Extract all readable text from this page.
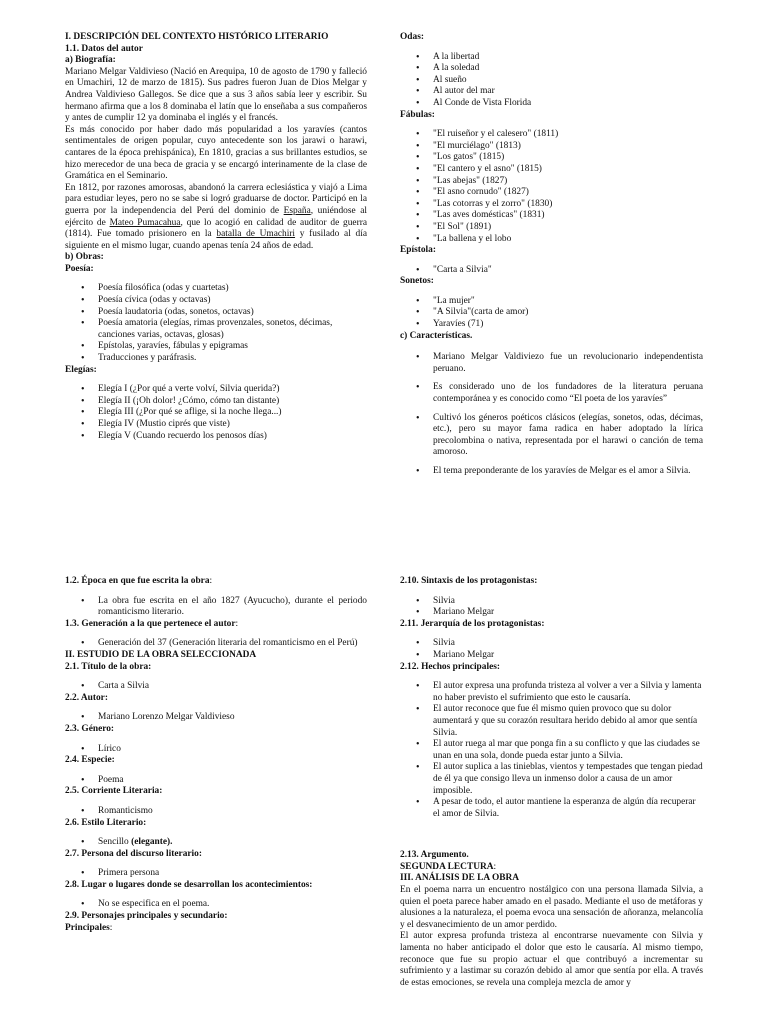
I. DESCRIPCIÓN DEL CONTEXTO HISTÓRICO LITERARIO

1.1. Datos del autor

a) Biografía:

Mariano Melgar Valdivieso (Nació en Arequipa, 10 de agosto de 1790 y falleció en Umachiri, 12 de marzo de 1815). Sus padres fueron Juan de Dios Melgar y Andrea Valdivieso Gallegos. Se dice que a sus 3 años sabía leer y escribir. Su hermano afirma que a los 8 dominaba el latín que lo enseñaba a sus compañeros y antes de cumplir 12 ya dominaba el inglés y el francés.

Es más conocido por haber dado más popularidad a los yaravíes (cantos sentimentales de origen popular, cuyo antecedente son los jarawi o harawi, cantares de la época prehispánica), En 1810, gracias a sus brillantes estudios, se hizo merecedor de una beca de gracia y se encargó interinamente de la clase de Gramática en el Seminario.

En 1812, por razones amorosas, abandonó la carrera eclesiástica y viajó a Lima para estudiar leyes, pero no se sabe si logró graduarse de doctor. Participó en la guerra por la independencia del Perú del dominio de España, uniéndose al ejército de Mateo Pumacahua, que lo acogió en calidad de auditor de guerra (1814). Fue tomado prisionero en la batalla de Umachiri y fusilado al día siguiente en el mismo lugar, cuando apenas tenía 24 años de edad.

b) Obras:

Poesía:

• Poesía filosófica (odas y cuartetas)
• Poesía cívica (odas y octavas)
• Poesía laudatoria (odas, sonetos, octavas)
• Poesía amatoria (elegías, rimas provenzales, sonetos, décimas, canciones varias, octavas, glosas)
• Epístolas, yaravíes, fábulas y epigramas
• Traducciones y paráfrasis.

Elegías:

• Elegía I (¿Por qué a verte volví, Silvia querida?)
• Elegía II (¡Oh dolor! ¿Cómo, cómo tan distante)
• Elegía III (¿Por qué se aflige, si la noche llega...)
• Elegía IV (Mustio ciprés que viste)
• Elegía V (Cuando recuerdo los penosos días)

Odas:

• A la libertad
• A la soledad
• Al sueño
• Al autor del mar
• Al Conde de Vista Florida

Fábulas:

• "El ruiseñor y el calesero" (1811)
• "El murciélago" (1813)
• "Los gatos" (1815)
• "El cantero y el asno" (1815)
• "Las abejas" (1827)
• "El asno cornudo" (1827)
• "Las cotorras y el zorro" (1830)
• "Las aves domésticas" (1831)
• "El Sol" (1891)
• "La ballena y el lobo

Epístola:

• "Carta a Silvia"

Sonetos:

• "La mujer"
• "A Silvia"(carta de amor)
• Yaravíes (71)

c) Características.

• Mariano Melgar Valdiviezo fue un revolucionario independentista peruano.
• Es considerado uno de los fundadores de la literatura peruana contemporánea y es conocido como “El poeta de los yaravíes”
• Cultivó los géneros poéticos clásicos (elegías, sonetos, odas, décimas, etc.), pero su mayor fama radica en haber adoptado la lírica precolombina o nativa, representada por el harawi o canción de tema amoroso.
• El tema preponderante de los yaravíes de Melgar es el amor a Silvia.

1.2. Época en que fue escrita la obra:

• La obra fue escrita en el año 1827 (Ayucucho), durante el periodo romanticismo literario.

1.3. Generación a la que pertenece el autor:

• Generación del 37 (Generación literaria del romanticismo en el Perú)

II. ESTUDIO DE LA OBRA SELECCIONADA

2.1. Título de la obra:

• Carta a Silvia

2.2. Autor:

• Mariano Lorenzo Melgar Valdivieso

2.3. Género:

• Lírico

2.4. Especie:

• Poema

2.5. Corriente Literaria:

• Romanticismo

2.6. Estilo Literario:

• Sencillo (elegante).

2.7. Persona del discurso literario:

• Primera persona

2.8. Lugar o lugares donde se desarrollan los acontecimientos:

• No se especifica en el poema.

2.9. Personajes principales y secundario:

Principales:

2.10. Sintaxis de los protagonistas:

• Silvia
• Mariano Melgar

2.11. Jerarquía de los protagonistas:

• Silvia
• Mariano Melgar

2.12. Hechos principales:

• El autor expresa una profunda tristeza al volver a ver a Silvia y lamenta no haber previsto el sufrimiento que esto le causaría.
• El autor reconoce que fue él mismo quien provoco que su dolor aumentará y que su corazón resultara herido debido al amor que sentía Silvia.
• El autor ruega al mar que ponga fin a su conflicto y que las ciudades se unan en una sola, donde pueda estar junto a Silvia.
• El autor suplica a las tinieblas, vientos y tempestades que tengan piedad de él ya que consigo lleva un inmenso dolor a causa de un amor imposible.
• A pesar de todo, el autor mantiene la esperanza de algún día recuperar el amor de Silvia.

2.13. Argumento.

SEGUNDA LECTURA:

III. ANÁLISIS DE LA OBRA

En el poema narra un encuentro nostálgico con una persona llamada Silvia, a quien el poeta parece haber amado en el pasado. Mediante el uso de metáforas y alusiones a la naturaleza, el poema evoca una sensación de añoranza, melancolía y el desvanecimiento de un amor perdido.

El autor expresa profunda tristeza al encontrarse nuevamente con Silvia y lamenta no haber anticipado el dolor que esto le causaría. Al mismo tiempo, reconoce que fue su propio actuar el que contribuyó a incrementar su sufrimiento y a lastimar su corazón debido al amor que sentía por ella. A través de estas emociones, se revela una compleja mezcla de amor y
